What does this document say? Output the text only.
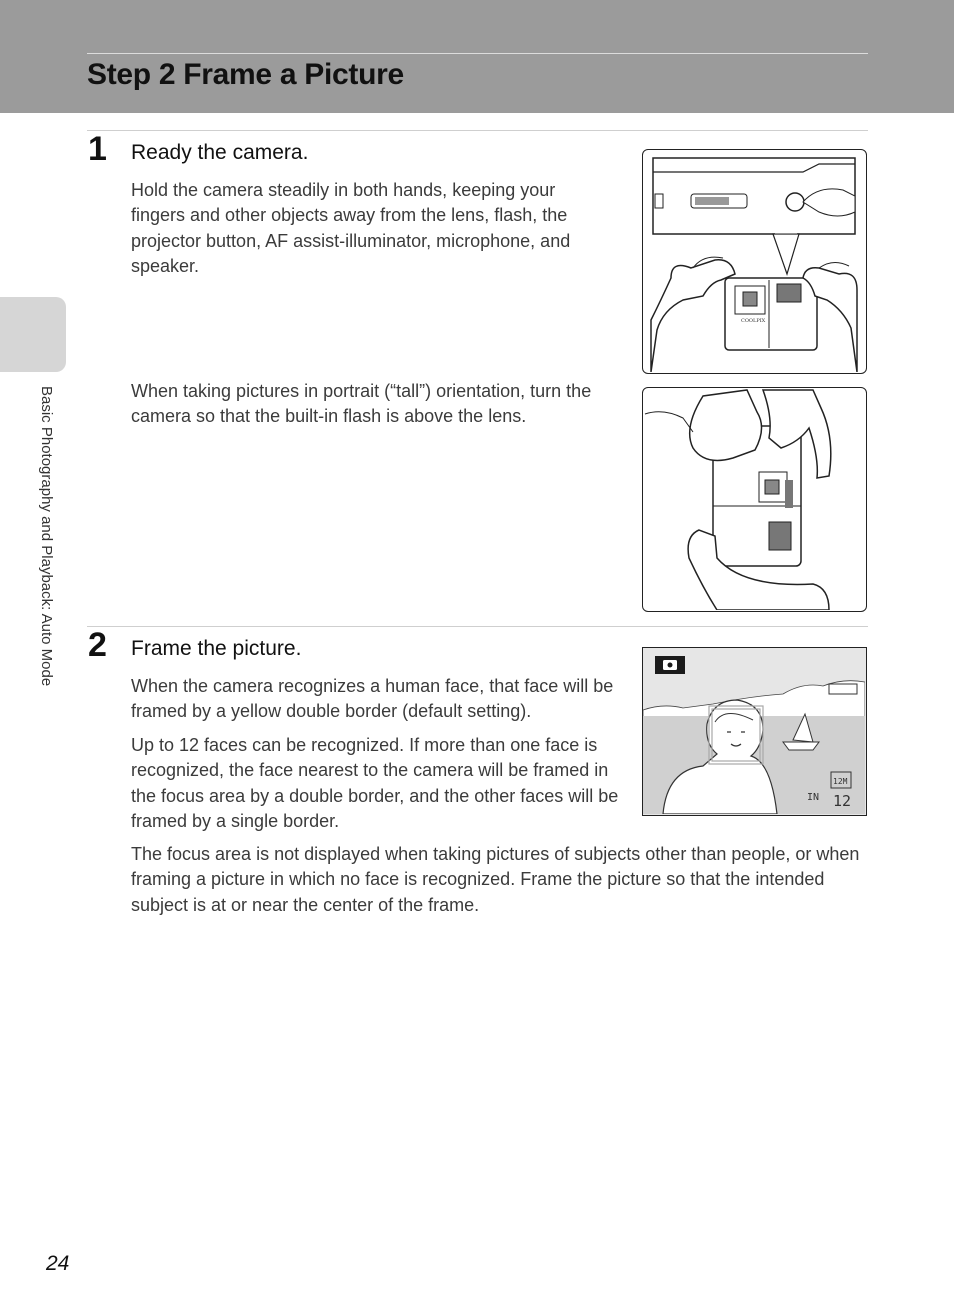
Step 2 Frame a Picture
Basic Photography and Playback: Auto Mode
1 Ready the camera.

Hold the camera steadily in both hands, keeping your fingers and other objects away from the lens, flash, the projector button, AF assist-illuminator, microphone, and speaker.

When taking pictures in portrait (“tall”) orientation, turn the camera so that the built-in flash is above the lens.

COOLPIX
2 Frame the picture.

When the camera recognizes a human face, that face will be framed by a yellow double border (default setting).

Up to 12 faces can be recognized. If more than one face is recognized, the face nearest to the camera will be framed in the focus area by a double border, and the other faces will be framed by a single border.

The focus area is not displayed when taking pictures of subjects other than people, or when framing a picture in which no face is recognized. Frame the picture so that the intended subject is at or near the center of the frame.

12M
IN 12
24
